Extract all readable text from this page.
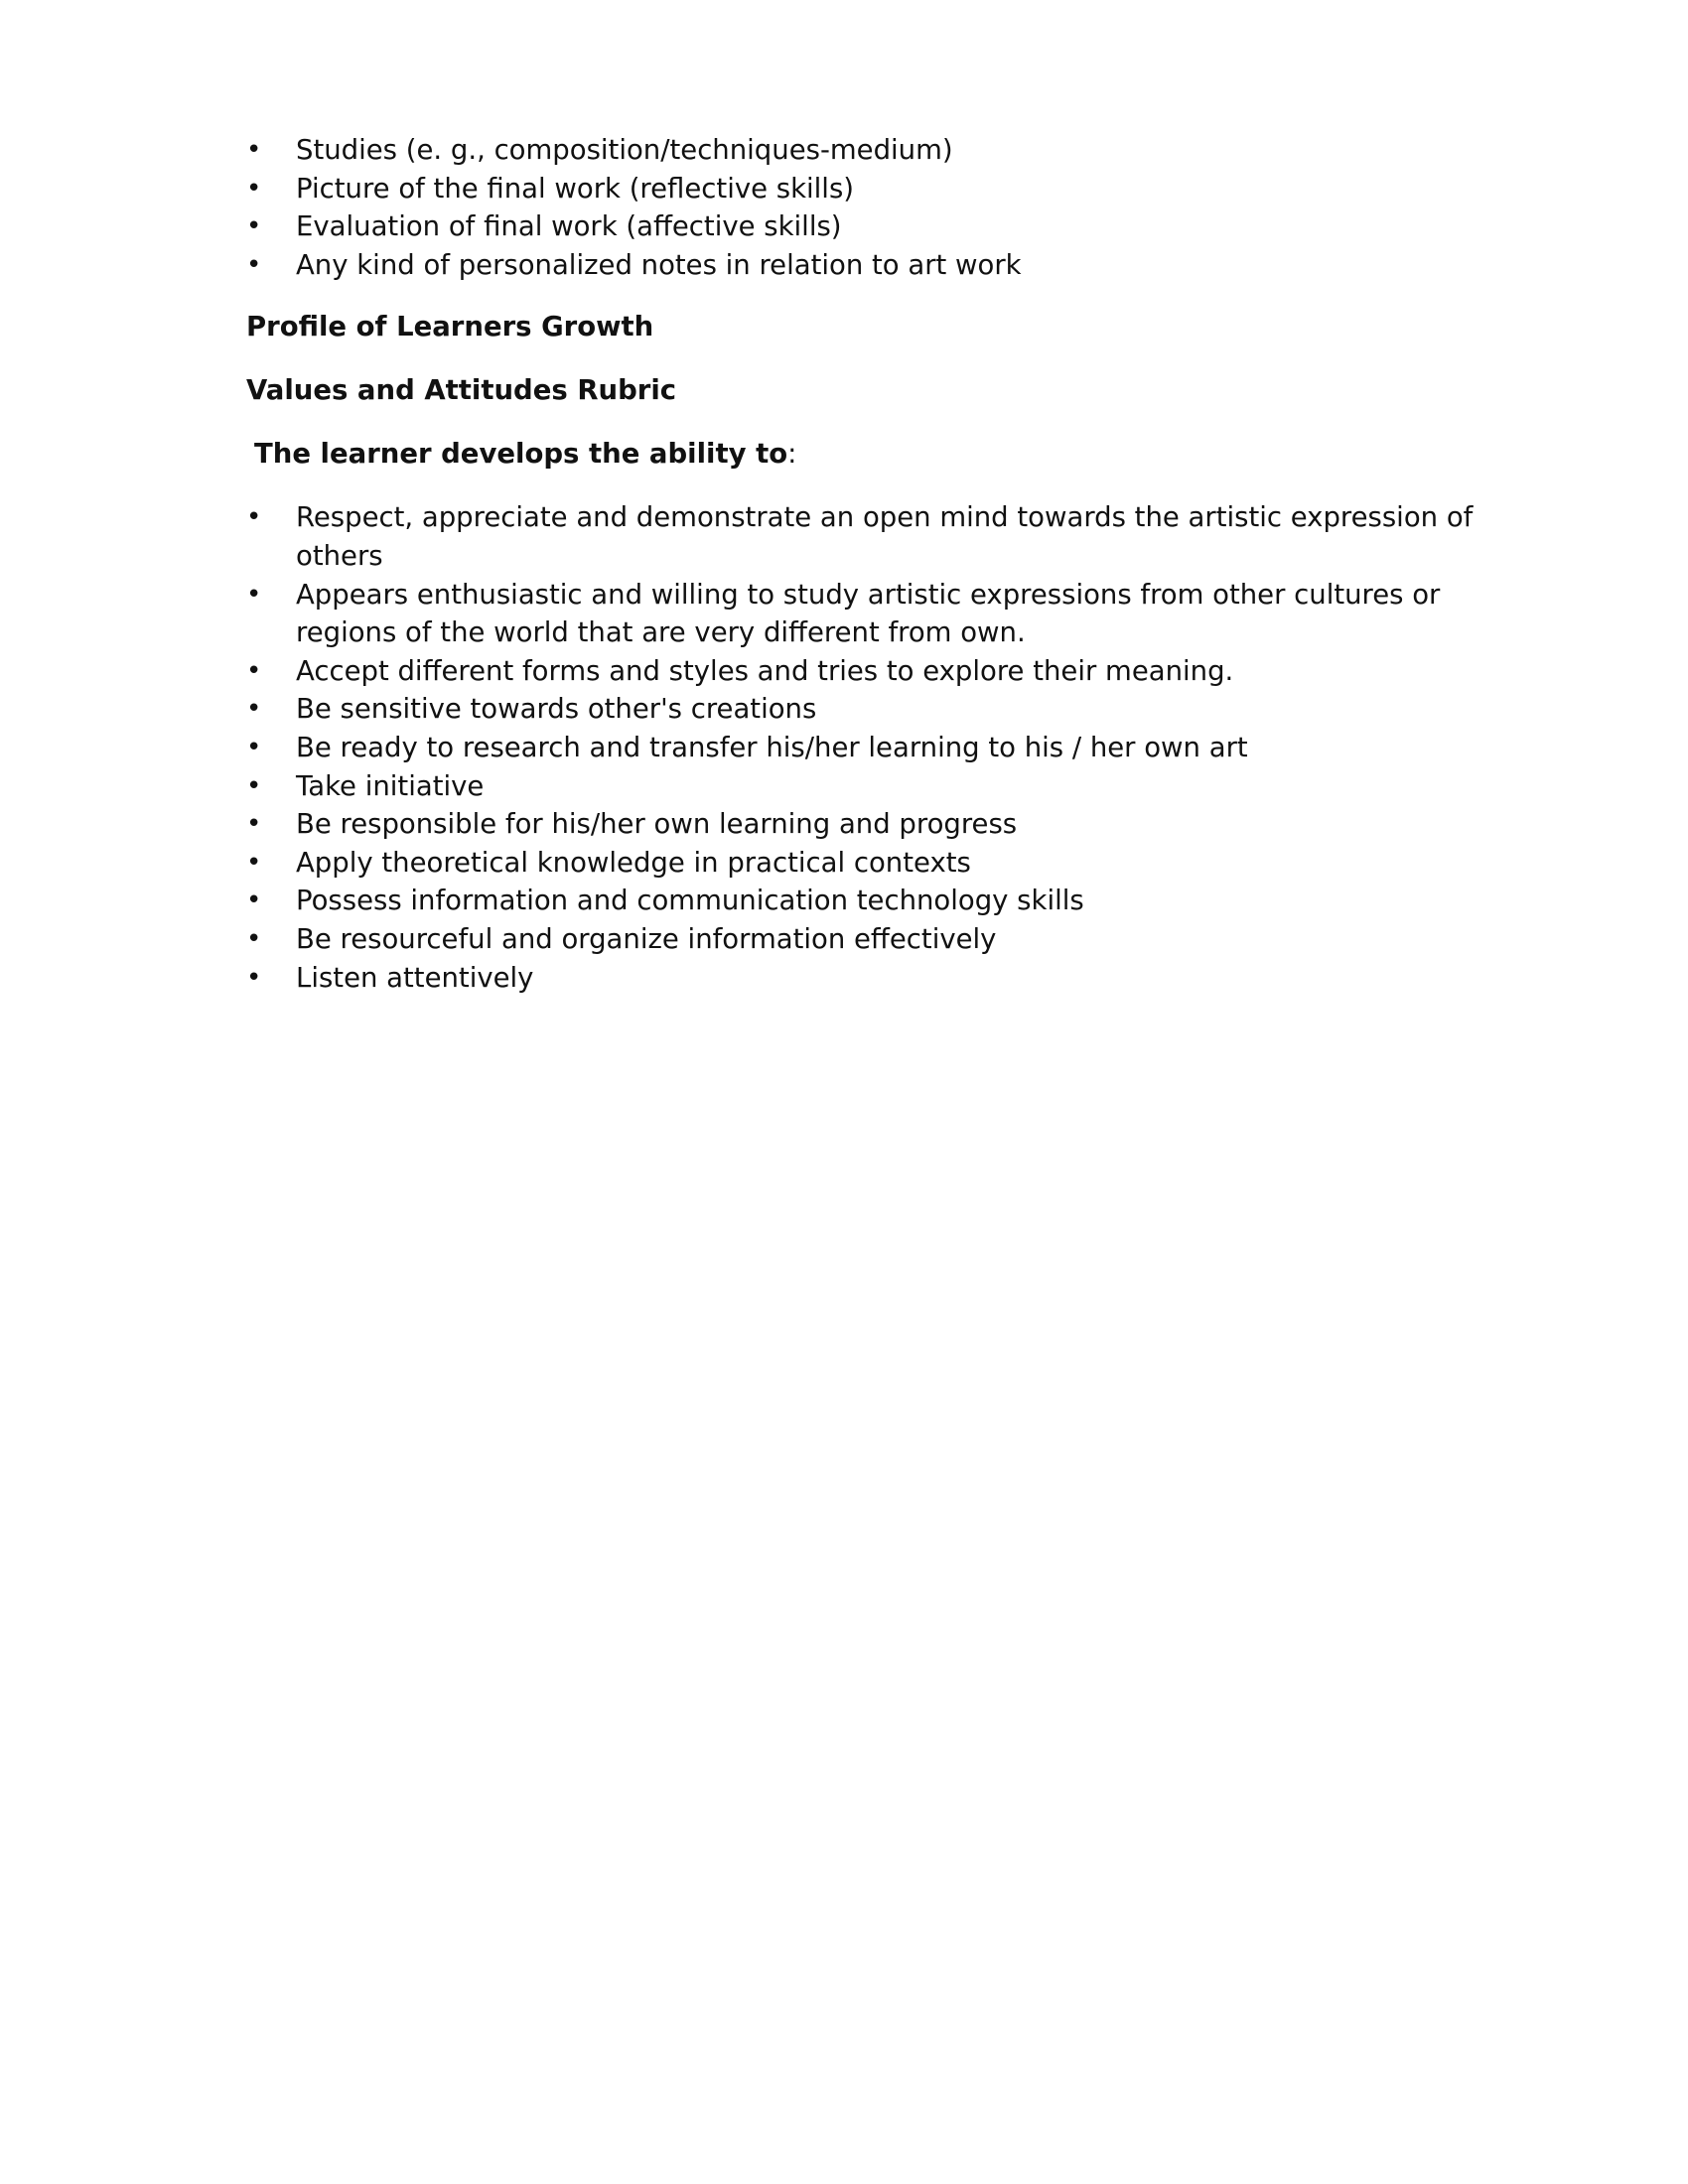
• Studies (e. g., composition/techniques-medium)
• Picture of the final work (reflective skills)
• Evaluation of final work (affective skills)
• Any kind of personalized notes in relation to art work

Profile of Learners Growth

Values and Attitudes Rubric

The learner develops the ability to:

• Respect, appreciate and demonstrate an open mind towards the artistic expression of others
• Appears enthusiastic and willing to study artistic expressions from other cultures or regions of the world that are very different from own.
• Accept different forms and styles and tries to explore their meaning.
• Be sensitive towards other's creations
• Be ready to research and transfer his/her learning to his / her own art
• Take initiative
• Be responsible for his/her own learning and progress
• Apply theoretical knowledge in practical contexts
• Possess information and communication technology skills
• Be resourceful and organize information effectively
• Listen attentively
